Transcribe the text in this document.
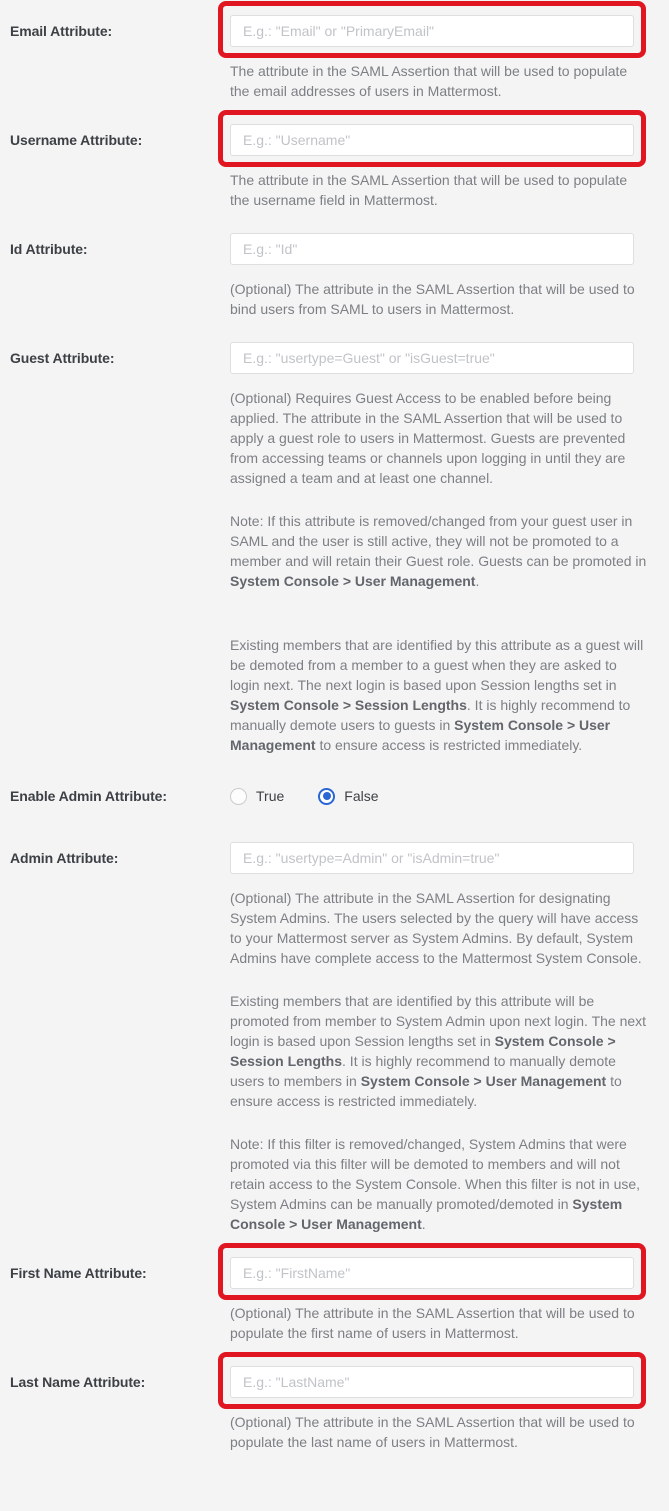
Email Attribute:
E.g.: "Email" or "PrimaryEmail"

The attribute in the SAML Assertion that will be used to populate the email addresses of users in Mattermost.

Username Attribute:
E.g.: "Username"

The attribute in the SAML Assertion that will be used to populate the username field in Mattermost.

Id Attribute:
E.g.: "Id"

(Optional) The attribute in the SAML Assertion that will be used to bind users from SAML to users in Mattermost.

Guest Attribute:
E.g.: "usertype=Guest" or "isGuest=true"

(Optional) Requires Guest Access to be enabled before being applied. The attribute in the SAML Assertion that will be used to apply a guest role to users in Mattermost. Guests are prevented from accessing teams or channels upon logging in until they are assigned a team and at least one channel.

Note: If this attribute is removed/changed from your guest user in SAML and the user is still active, they will not be promoted to a member and will retain their Guest role. Guests can be promoted in System Console > User Management.

Existing members that are identified by this attribute as a guest will be demoted from a member to a guest when they are asked to login next. The next login is based upon Session lengths set in System Console > Session Lengths. It is highly recommend to manually demote users to guests in System Console > User Management to ensure access is restricted immediately.

Enable Admin Attribute:	True	False
Admin Attribute:
E.g.: "usertype=Admin" or "isAdmin=true"

(Optional) The attribute in the SAML Assertion for designating System Admins. The users selected by the query will have access to your Mattermost server as System Admins. By default, System Admins have complete access to the Mattermost System Console.

Existing members that are identified by this attribute will be promoted from member to System Admin upon next login. The next login is based upon Session lengths set in System Console > Session Lengths. It is highly recommend to manually demote users to members in System Console > User Management to ensure access is restricted immediately.

Note: If this filter is removed/changed, System Admins that were promoted via this filter will be demoted to members and will not retain access to the System Console. When this filter is not in use, System Admins can be manually promoted/demoted in System Console > User Management.

First Name Attribute:
E.g.: "FirstName"

(Optional) The attribute in the SAML Assertion that will be used to populate the first name of users in Mattermost.

Last Name Attribute:
E.g.: "LastName"

(Optional) The attribute in the SAML Assertion that will be used to populate the last name of users in Mattermost.
